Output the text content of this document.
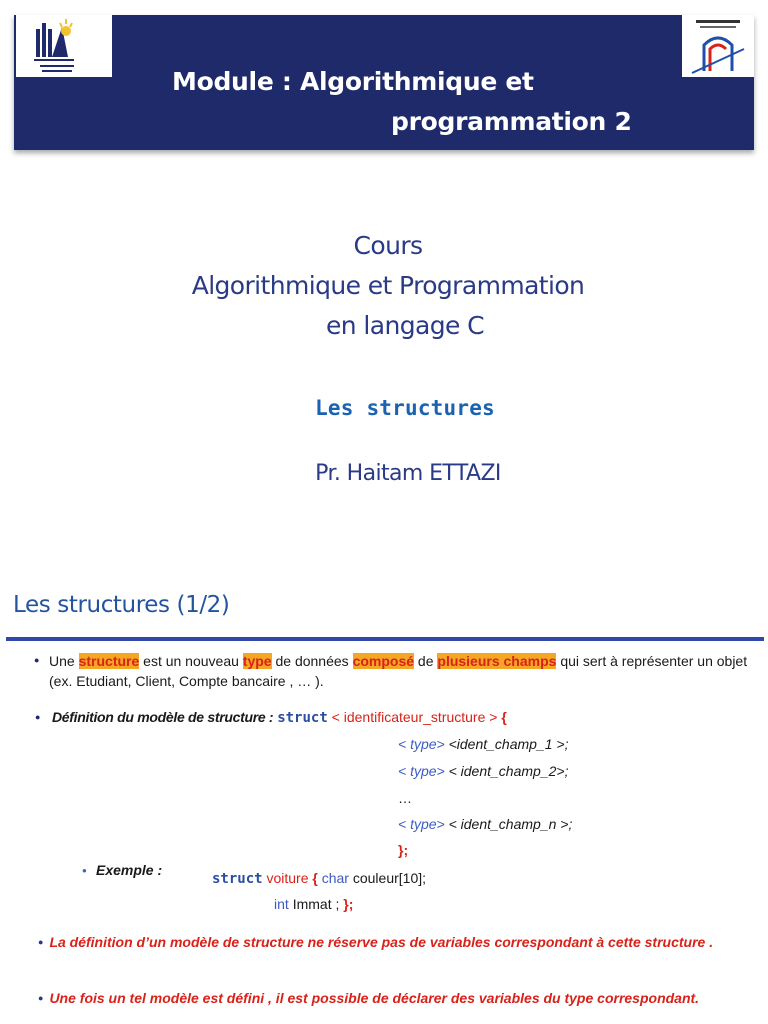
Module : Algorithmique et
programmation 2
Cours
Algorithmique et Programmation
en langage C
Les structures
Pr. Haitam ETTAZI
Les structures (1/2)
● Une structure est un nouveau type de données composé de plusieurs champs qui sert à représenter un objet (ex. Etudiant, Client, Compte bancaire , … ).
● Définition du modèle de structure : struct < identificateur_structure > {
< type> <ident_champ_1 >;
< type> < ident_champ_2>;
…
< type> < ident_champ_n >;
};
● Exemple :
struct voiture { char couleur[10];
int Immat ; };
● La définition d’un modèle de structure ne réserve pas de variables correspondant à cette structure .
● Une fois un tel modèle est défini , il est possible de déclarer des variables du type correspondant.
